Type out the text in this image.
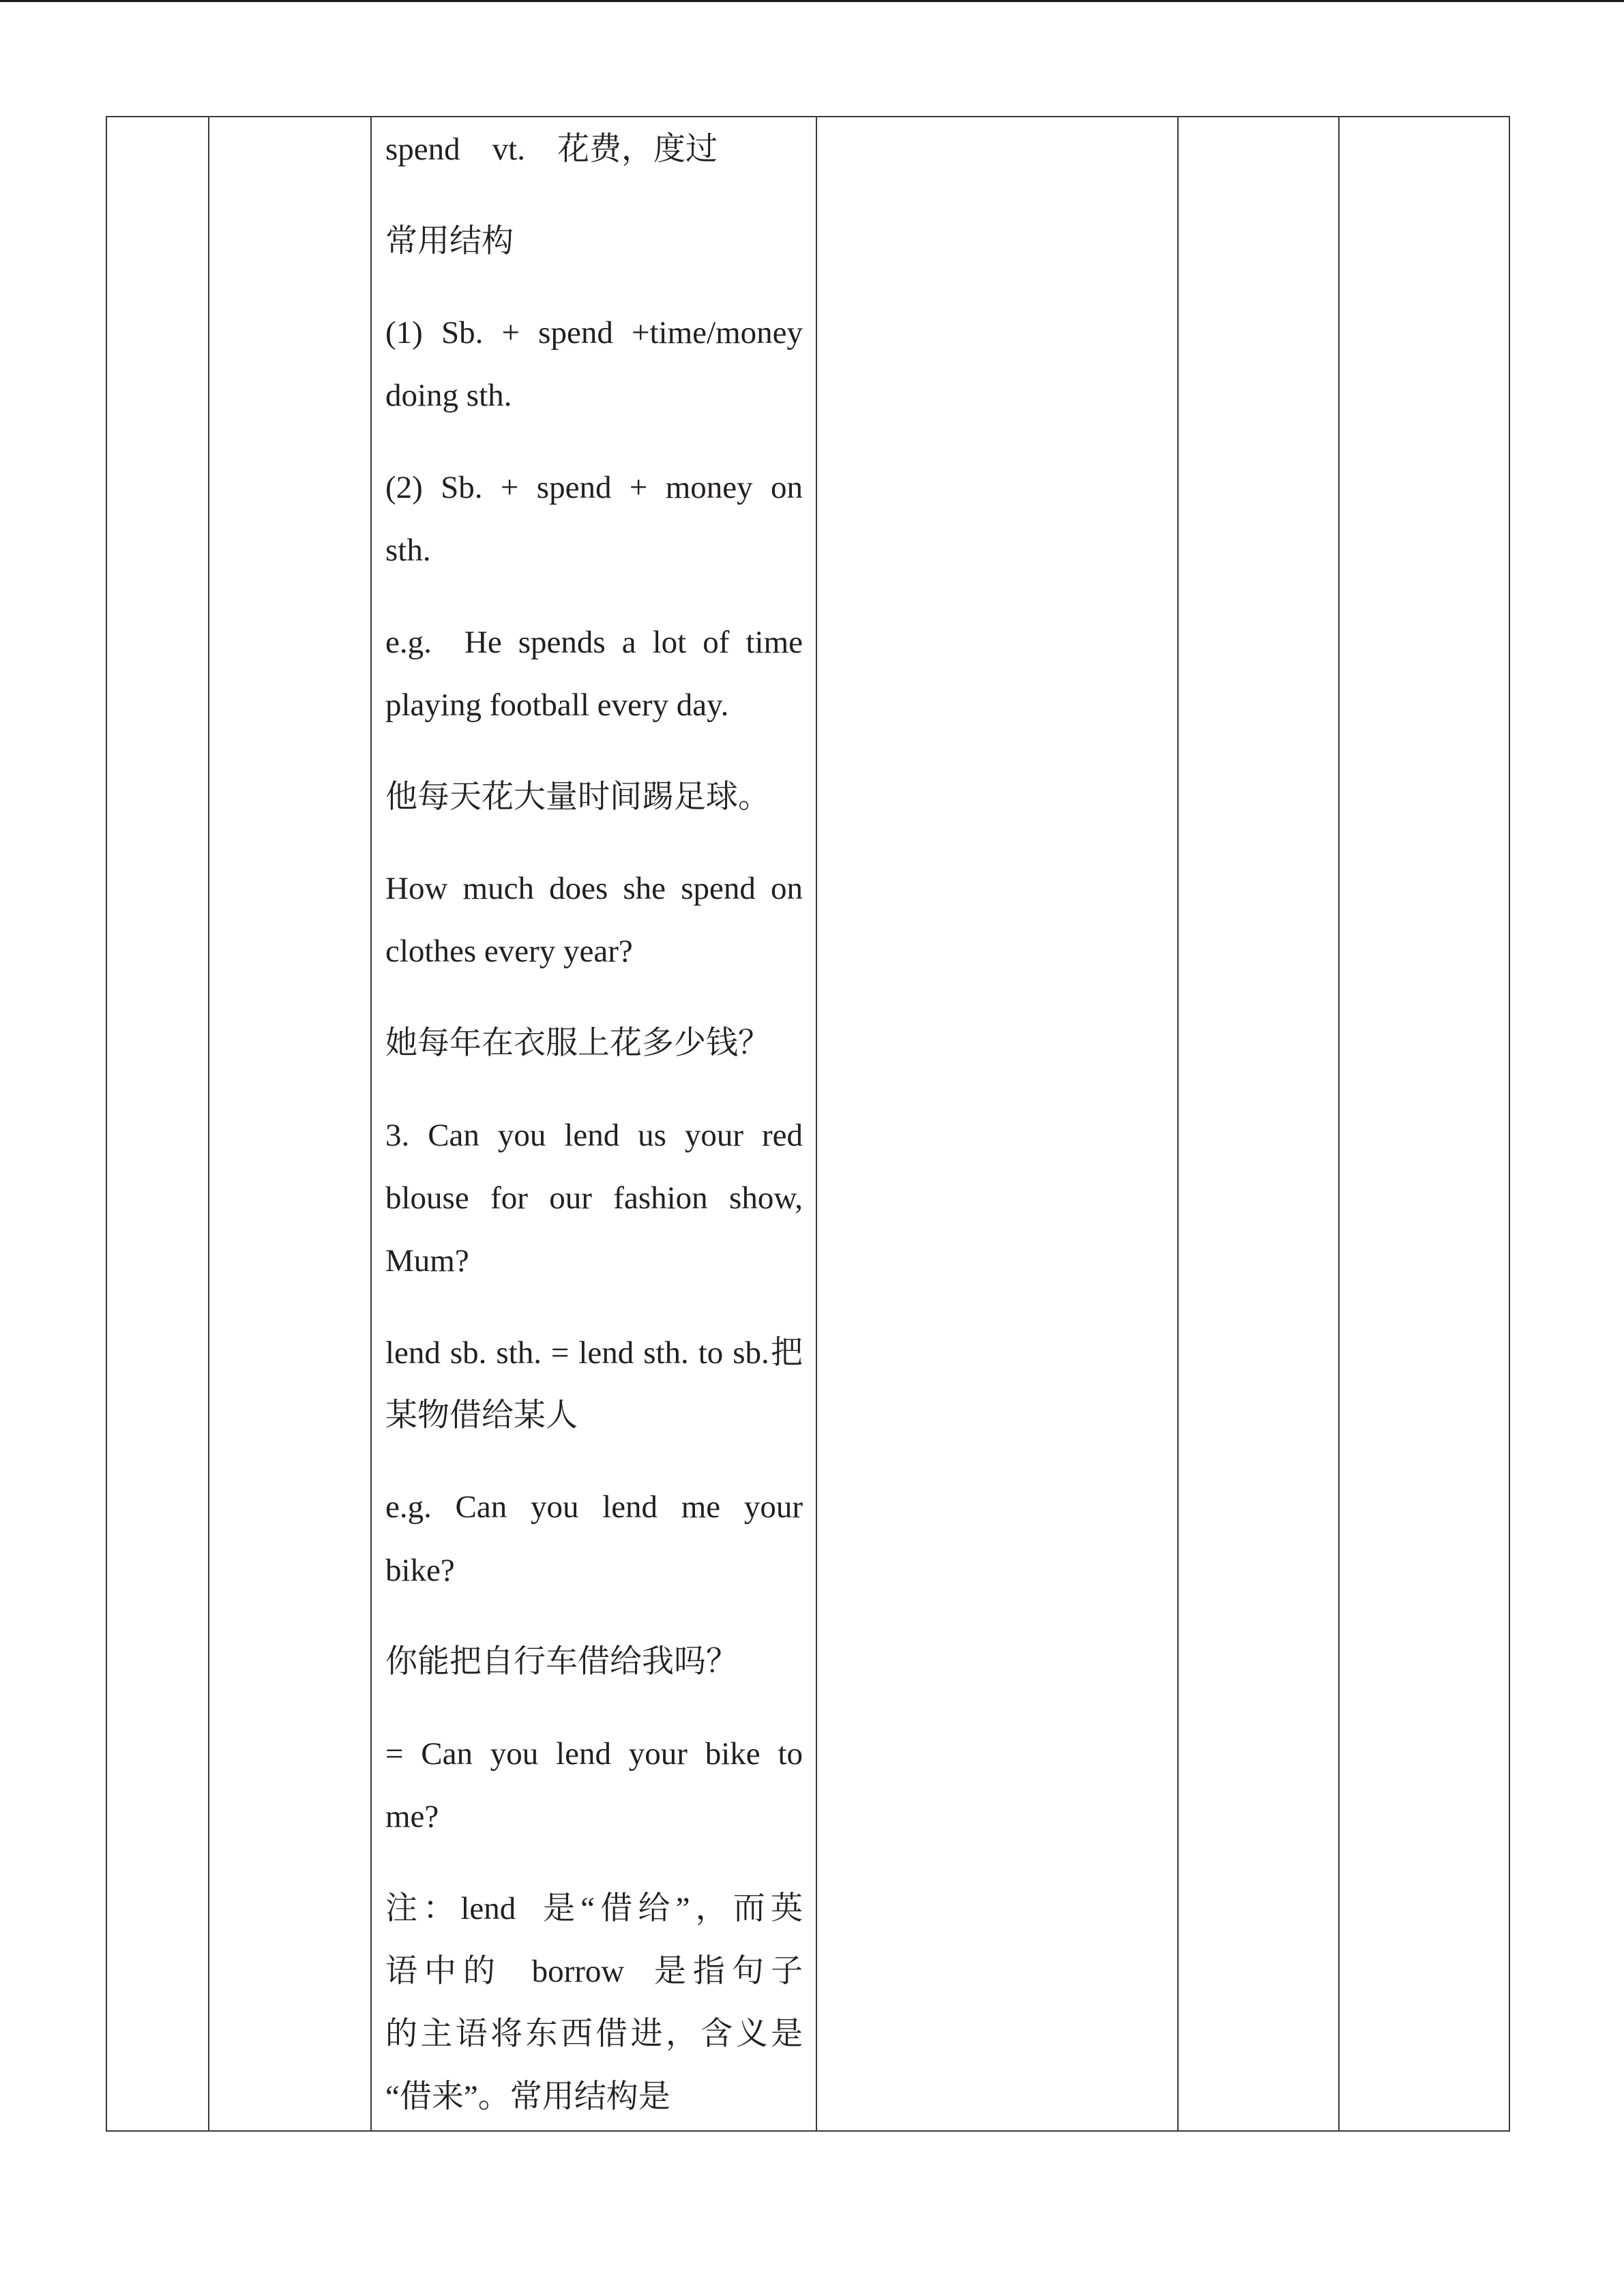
spend    vt.    花费，度过
常用结构
(1) Sb. + spend +time/money
doing sth.
(2) Sb. + spend + money on
sth.
e.g.  He spends a lot of time
playing football every day.
他每天花大量时间踢足球。
How much does she spend on
clothes every year?
她每年在衣服上花多少钱？
3. Can you lend us your red
blouse for our fashion show,
Mum?
lend sb. sth. = lend sth. to sb.把
某物借给某人
e.g. Can you lend me your
bike?
你能把自行车借给我吗？
= Can you lend your bike to
me?
注：lend  是“借给”，而英
语中的  borrow  是指句子
的主语将东西借进，含义是
“借来”。常用结构是
